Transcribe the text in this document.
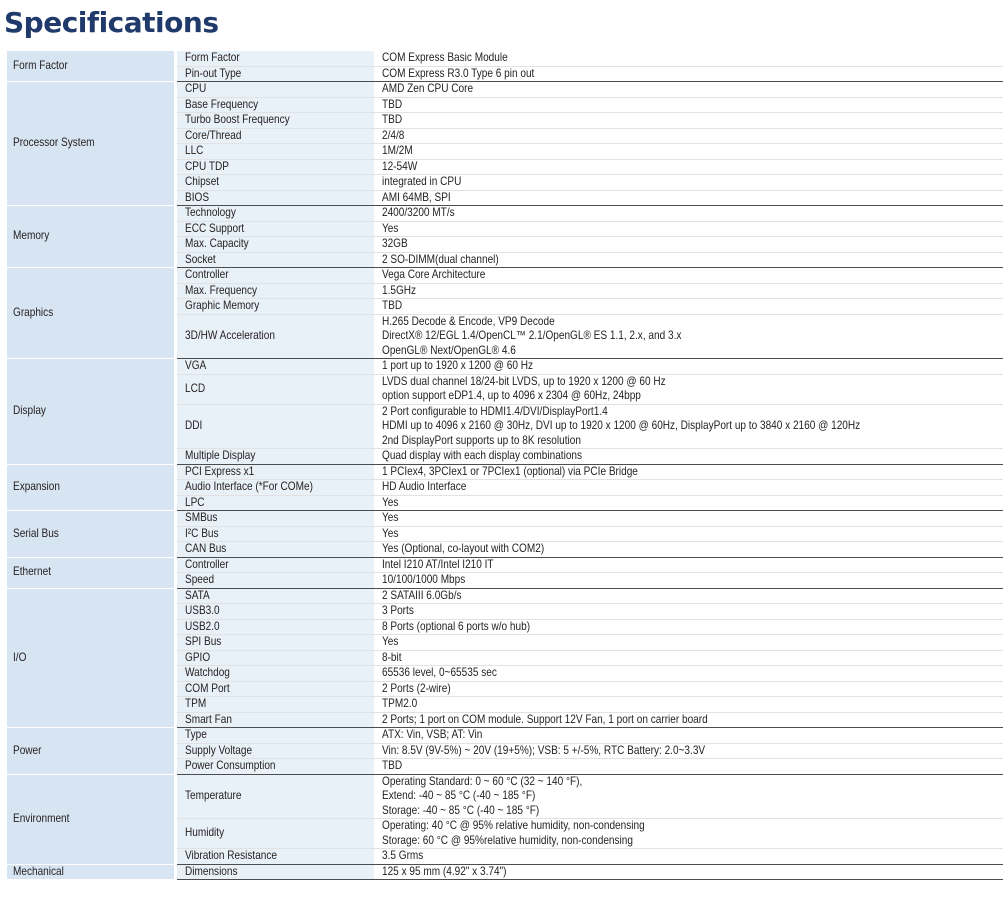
Specifications
Form Factor	Form Factor	COM Express Basic Module

	Pin-out Type	COM Express R3.0 Type 6 pin out

Processor System	CPU	AMD Zen CPU Core

	Base Frequency	TBD

	Turbo Boost Frequency	TBD

	Core/Thread	2/4/8

	LLC	1M/2M

	CPU TDP	12-54W

	Chipset	integrated in CPU

	BIOS	AMI 64MB, SPI

Memory	Technology	2400/3200 MT/s

	ECC Support	Yes

	Max. Capacity	32GB

	Socket	2 SO-DIMM(dual channel)

Graphics	Controller	Vega Core Architecture

	Max. Frequency	1.5GHz

	Graphic Memory	TBD

	3D/HW Acceleration	H.265 Decode & Encode, VP9 Decode
DirectX® 12/EGL 1.4/OpenCL™ 2.1/OpenGL® ES 1.1, 2.x, and 3.x
OpenGL® Next/OpenGL® 4.6

Display	VGA	1 port up to 1920 x 1200 @ 60 Hz

	LCD	LVDS dual channel 18/24-bit LVDS, up to 1920 x 1200 @ 60 Hz
option support eDP1.4, up to 4096 x 2304 @ 60Hz, 24bpp

	DDI	2 Port configurable to HDMI1.4/DVI/DisplayPort1.4
HDMI up to 4096 x 2160 @ 30Hz, DVI up to 1920 x 1200 @ 60Hz, DisplayPort up to 3840 x 2160 @ 120Hz
2nd DisplayPort supports up to 8K resolution

	Multiple Display	Quad display with each display combinations

Expansion	PCI Express x1	1 PCIex4, 3PCIex1 or 7PCIex1 (optional) via PCIe Bridge

	Audio Interface (*For COMe)	HD Audio Interface

	LPC	Yes

Serial Bus	SMBus	Yes

	I²C Bus	Yes

	CAN Bus	Yes (Optional, co-layout with COM2)

Ethernet	Controller	Intel I210 AT/Intel I210 IT

	Speed	10/100/1000 Mbps

I/O	SATA	2 SATAIII 6.0Gb/s

	USB3.0	3 Ports

	USB2.0	8 Ports (optional 6 ports w/o hub)

	SPI Bus	Yes

	GPIO	8-bit

	Watchdog	65536 level, 0~65535 sec

	COM Port	2 Ports (2-wire)

	TPM	TPM2.0

	Smart Fan	2 Ports; 1 port on COM module. Support 12V Fan, 1 port on carrier board

Power	Type	ATX: Vin, VSB; AT: Vin

	Supply Voltage	Vin: 8.5V (9V-5%) ~ 20V (19+5%); VSB: 5 +/-5%, RTC Battery: 2.0~3.3V

	Power Consumption	TBD

Environment	Temperature	Operating Standard: 0 ~ 60 °C (32 ~ 140 °F),
Extend: -40 ~ 85 °C (-40 ~ 185 °F)
Storage: -40 ~ 85 °C (-40 ~ 185 °F)

	Humidity	Operating: 40 °C @ 95% relative humidity, non-condensing
Storage: 60 °C @ 95%relative humidity, non-condensing

	Vibration Resistance	3.5 Grms

Mechanical	Dimensions	125 x 95 mm (4.92" x 3.74")
